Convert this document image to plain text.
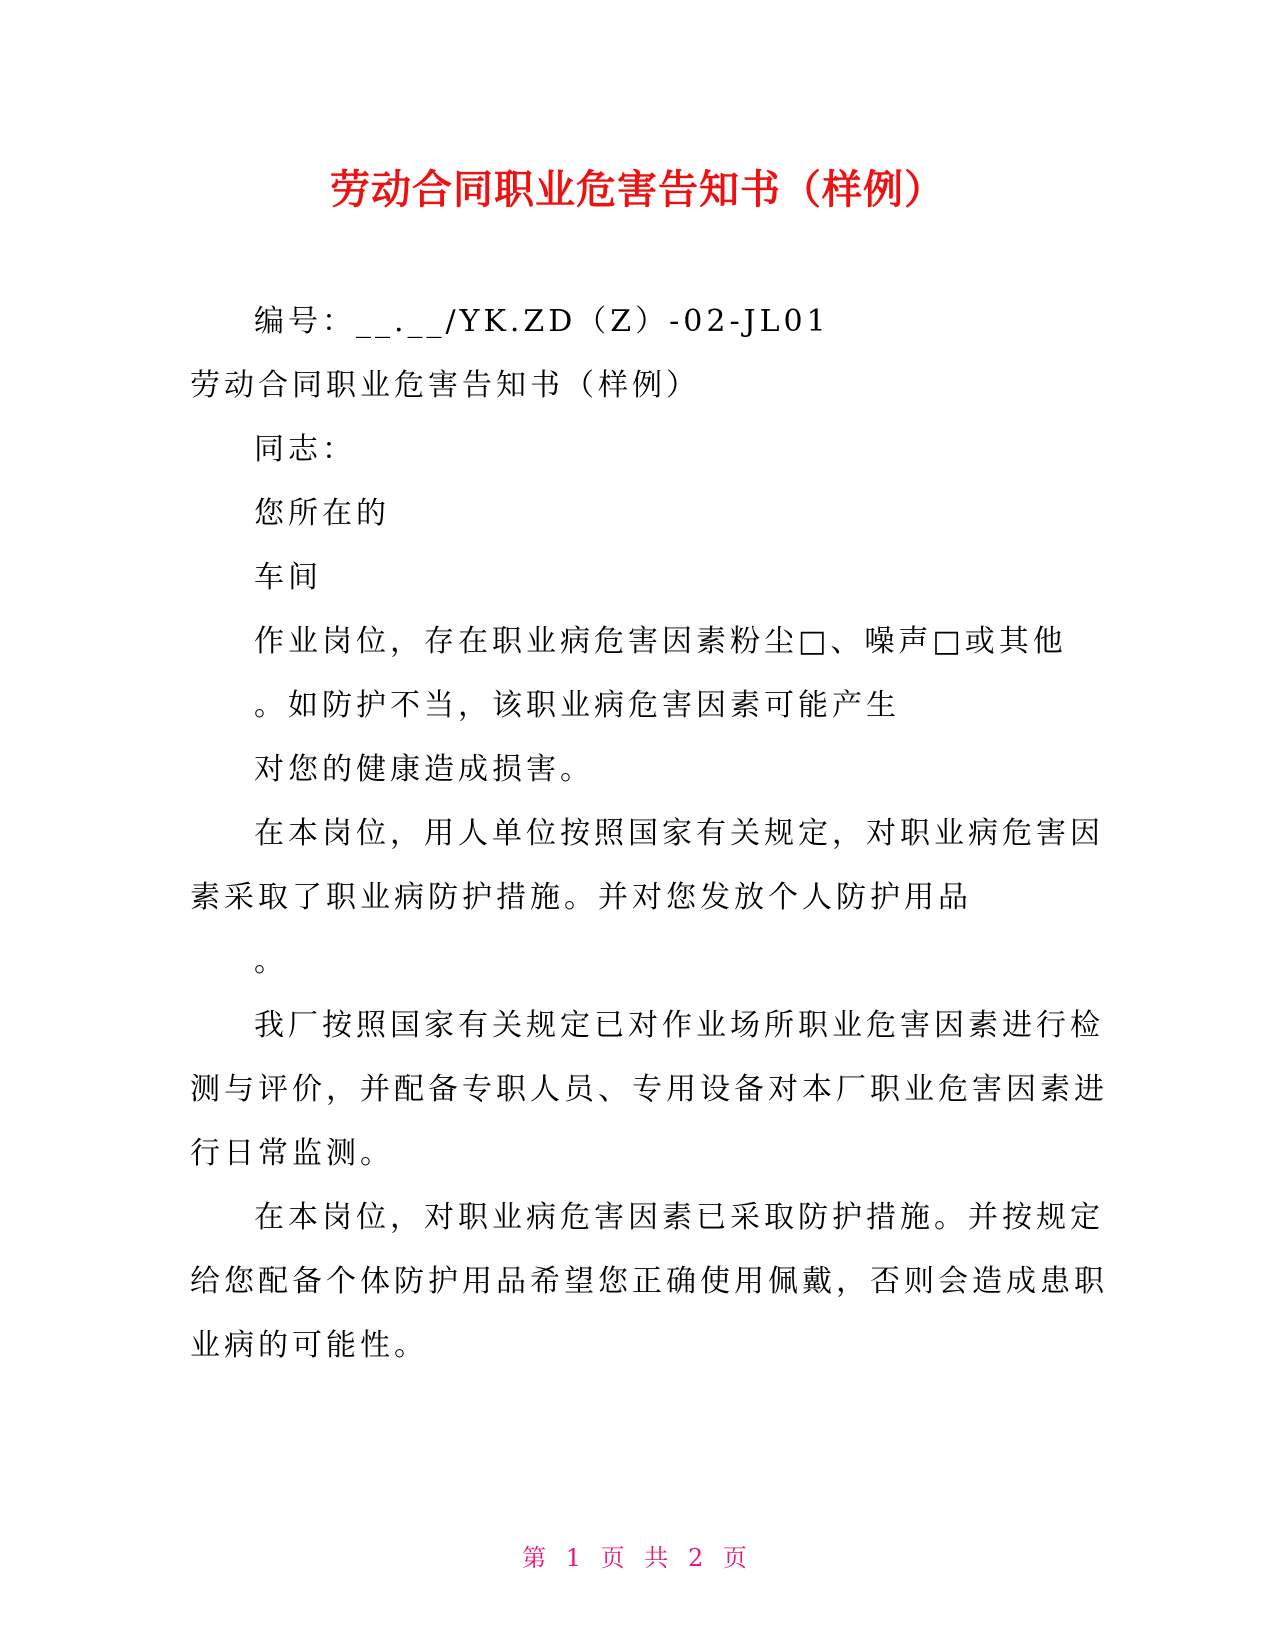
劳动合同职业危害告知书（样例）
编号：__.__/YK.ZD（Z）-02-JL01
劳动合同职业危害告知书（样例）
同志：
您所在的
车间
作业岗位，存在职业病危害因素粉尘□、噪声□或其他
。如防护不当，该职业病危害因素可能产生
对您的健康造成损害。
在本岗位，用人单位按照国家有关规定，对职业病危害因
素采取了职业病防护措施。并对您发放个人防护用品
。
我厂按照国家有关规定已对作业场所职业危害因素进行检
测与评价，并配备专职人员、专用设备对本厂职业危害因素进
行日常监测。
在本岗位，对职业病危害因素已采取防护措施。并按规定
给您配备个体防护用品希望您正确使用佩戴，否则会造成患职
业病的可能性。
第 1 页 共 2 页
